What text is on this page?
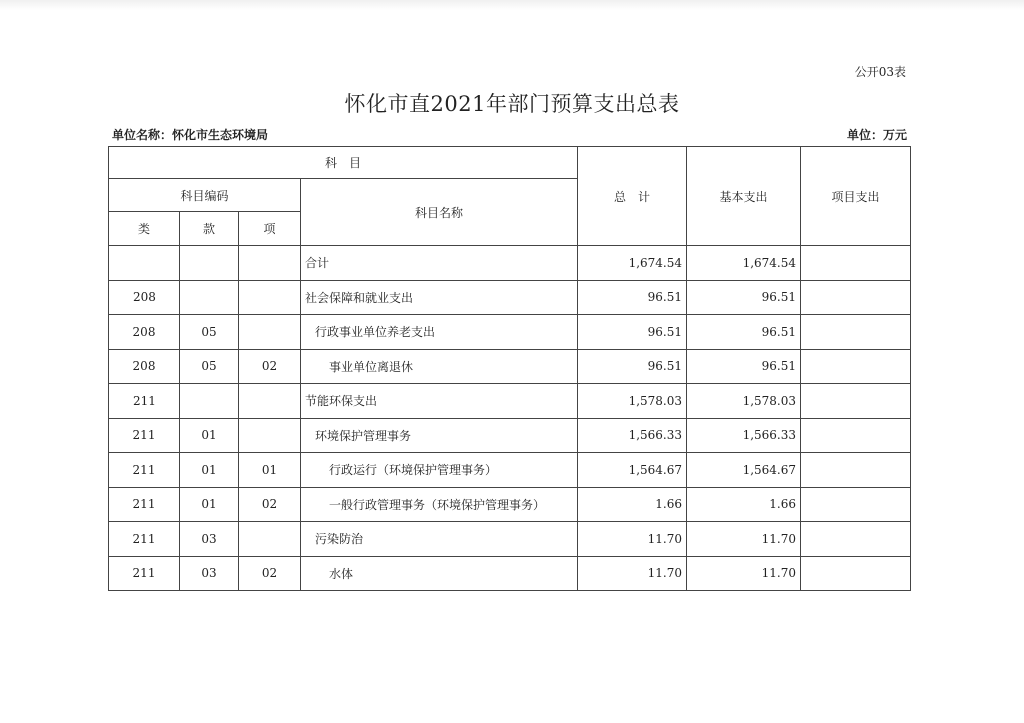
公开03表
怀化市直2021年部门预算支出总表
单位名称：怀化市生态环境局	单位：万元
科　目				总　计	基本支出	项目支出
科目编码			科目名称			
类	款	项				
			合计	1,674.54	1,674.54	
208			社会保障和就业支出	96.51	96.51	
208	05		行政事业单位养老支出	96.51	96.51	
208	05	02	事业单位离退休	96.51	96.51	
211			节能环保支出	1,578.03	1,578.03	
211	01		环境保护管理事务	1,566.33	1,566.33	
211	01	01	行政运行（环境保护管理事务）	1,564.67	1,564.67	
211	01	02	一般行政管理事务（环境保护管理事务）	1.66	1.66	
211	03		污染防治	11.70	11.70	
211	03	02	水体	11.70	11.70	
